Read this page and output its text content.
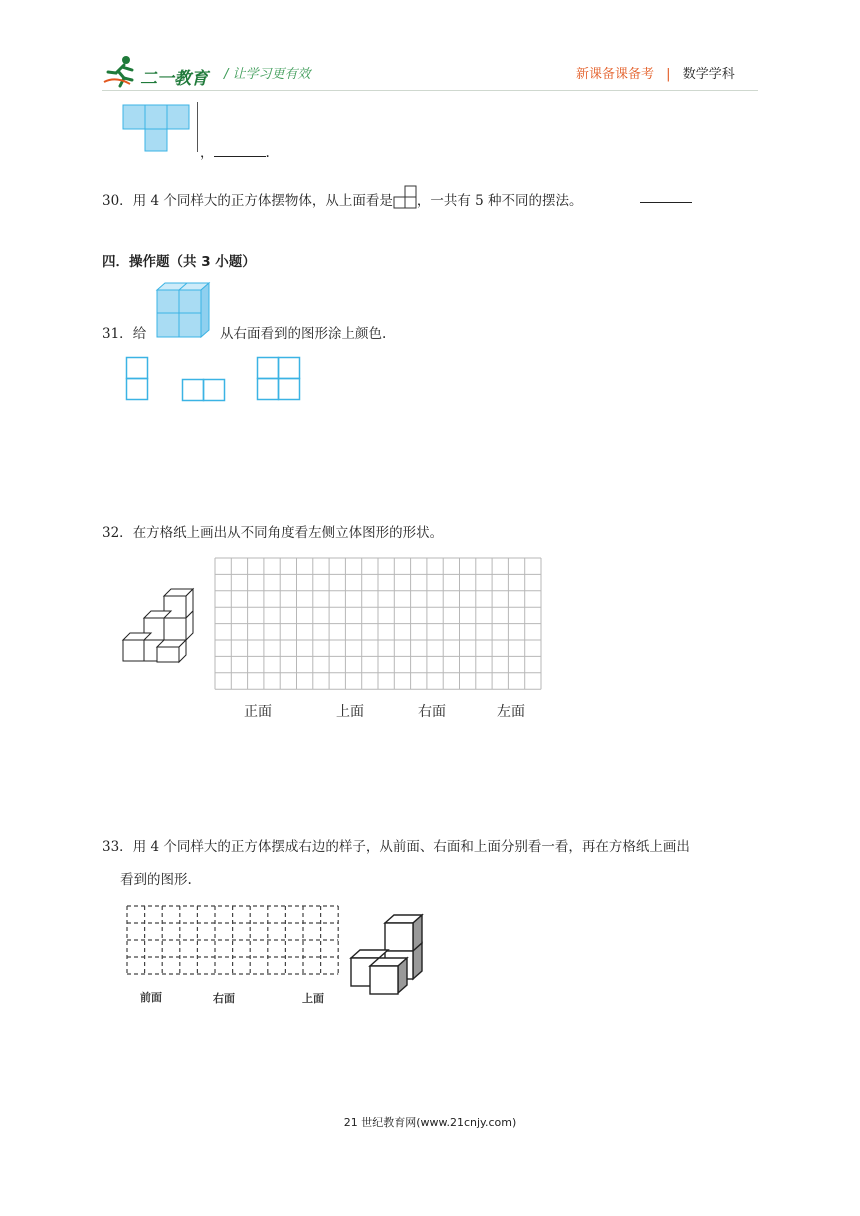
二一教育 / 让学习更有效	新课备课备考 | 数学学科
，	.
30．用 4 个同样大的正方体摆物体，从上面看是 ，一共有 5 种不同的摆法。
四．操作题（共 3 小题）
31．给	从右面看到的图形涂上颜色.
32．在方格纸上画出从不同角度看左侧立体图形的形状。
正面	上面	右面	左面
33．用 4 个同样大的正方体摆成右边的样子，从前面、右面和上面分别看一看，再在方格纸上画出
看到的图形.
前面	右面	上面
21 世纪教育网(www.21cnjy.com)
